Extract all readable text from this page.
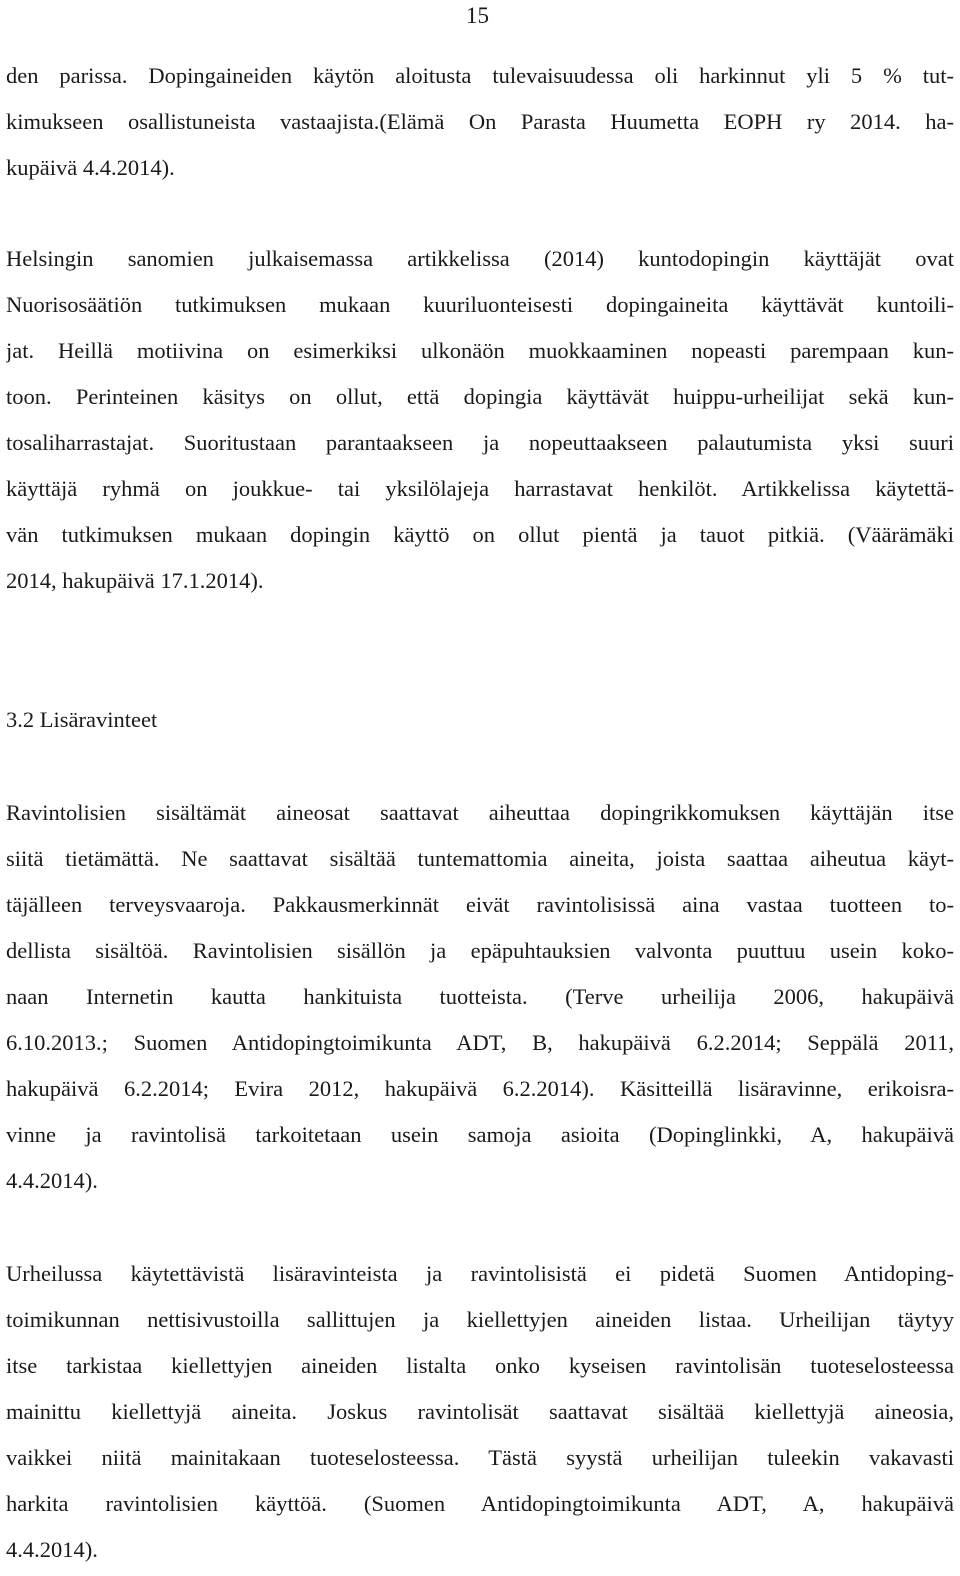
15
den parissa. Dopingaineiden käytön aloitusta tulevaisuudessa oli harkinnut yli 5 % tut-
kimukseen osallistuneista vastaajista.(Elämä On Parasta Huumetta EOPH ry 2014. ha-
kupäivä 4.4.2014).
Helsingin sanomien julkaisemassa artikkelissa (2014) kuntodopingin käyttäjät ovat
Nuorisosäätiön tutkimuksen mukaan kuuriluonteisesti dopingaineita käyttävät kuntoili-
jat. Heillä motiivina on esimerkiksi ulkonäön muokkaaminen nopeasti parempaan kun-
toon. Perinteinen käsitys on ollut, että dopingia käyttävät huippu-urheilijat sekä kun-
tosaliharrastajat. Suoritustaan parantaakseen ja nopeuttaakseen palautumista yksi suuri
käyttäjä ryhmä on joukkue- tai yksilölajeja harrastavat henkilöt. Artikkelissa käytettä-
vän tutkimuksen mukaan dopingin käyttö on ollut pientä ja tauot pitkiä. (Väärämäki
2014, hakupäivä 17.1.2014).
3.2 Lisäravinteet
Ravintolisien sisältämät aineosat saattavat aiheuttaa dopingrikkomuksen käyttäjän itse
siitä tietämättä. Ne saattavat sisältää tuntemattomia aineita, joista saattaa aiheutua käyt-
täjälleen terveysvaaroja. Pakkausmerkinnät eivät ravintolisissä aina vastaa tuotteen to-
dellista sisältöä. Ravintolisien sisällön ja epäpuhtauksien valvonta puuttuu usein koko-
naan Internetin kautta hankituista tuotteista. (Terve urheilija 2006, hakupäivä
6.10.2013.; Suomen Antidopingtoimikunta ADT, B, hakupäivä 6.2.2014; Seppälä 2011,
hakupäivä 6.2.2014; Evira 2012, hakupäivä 6.2.2014). Käsitteillä lisäravinne, erikoisra-
vinne ja ravintolisä tarkoitetaan usein samoja asioita (Dopinglinkki, A, hakupäivä
4.4.2014).
Urheilussa käytettävistä lisäravinteista ja ravintolisistä ei pidetä Suomen Antidoping-
toimikunnan nettisivustoilla sallittujen ja kiellettyjen aineiden listaa. Urheilijan täytyy
itse tarkistaa kiellettyjen aineiden listalta onko kyseisen ravintolisän tuoteselosteessa
mainittu kiellettyjä aineita. Joskus ravintolisät saattavat sisältää kiellettyjä aineosia,
vaikkei niitä mainitakaan tuoteselosteessa. Tästä syystä urheilijan tuleekin vakavasti
harkita ravintolisien käyttöä. (Suomen Antidopingtoimikunta ADT, A, hakupäivä
4.4.2014).
